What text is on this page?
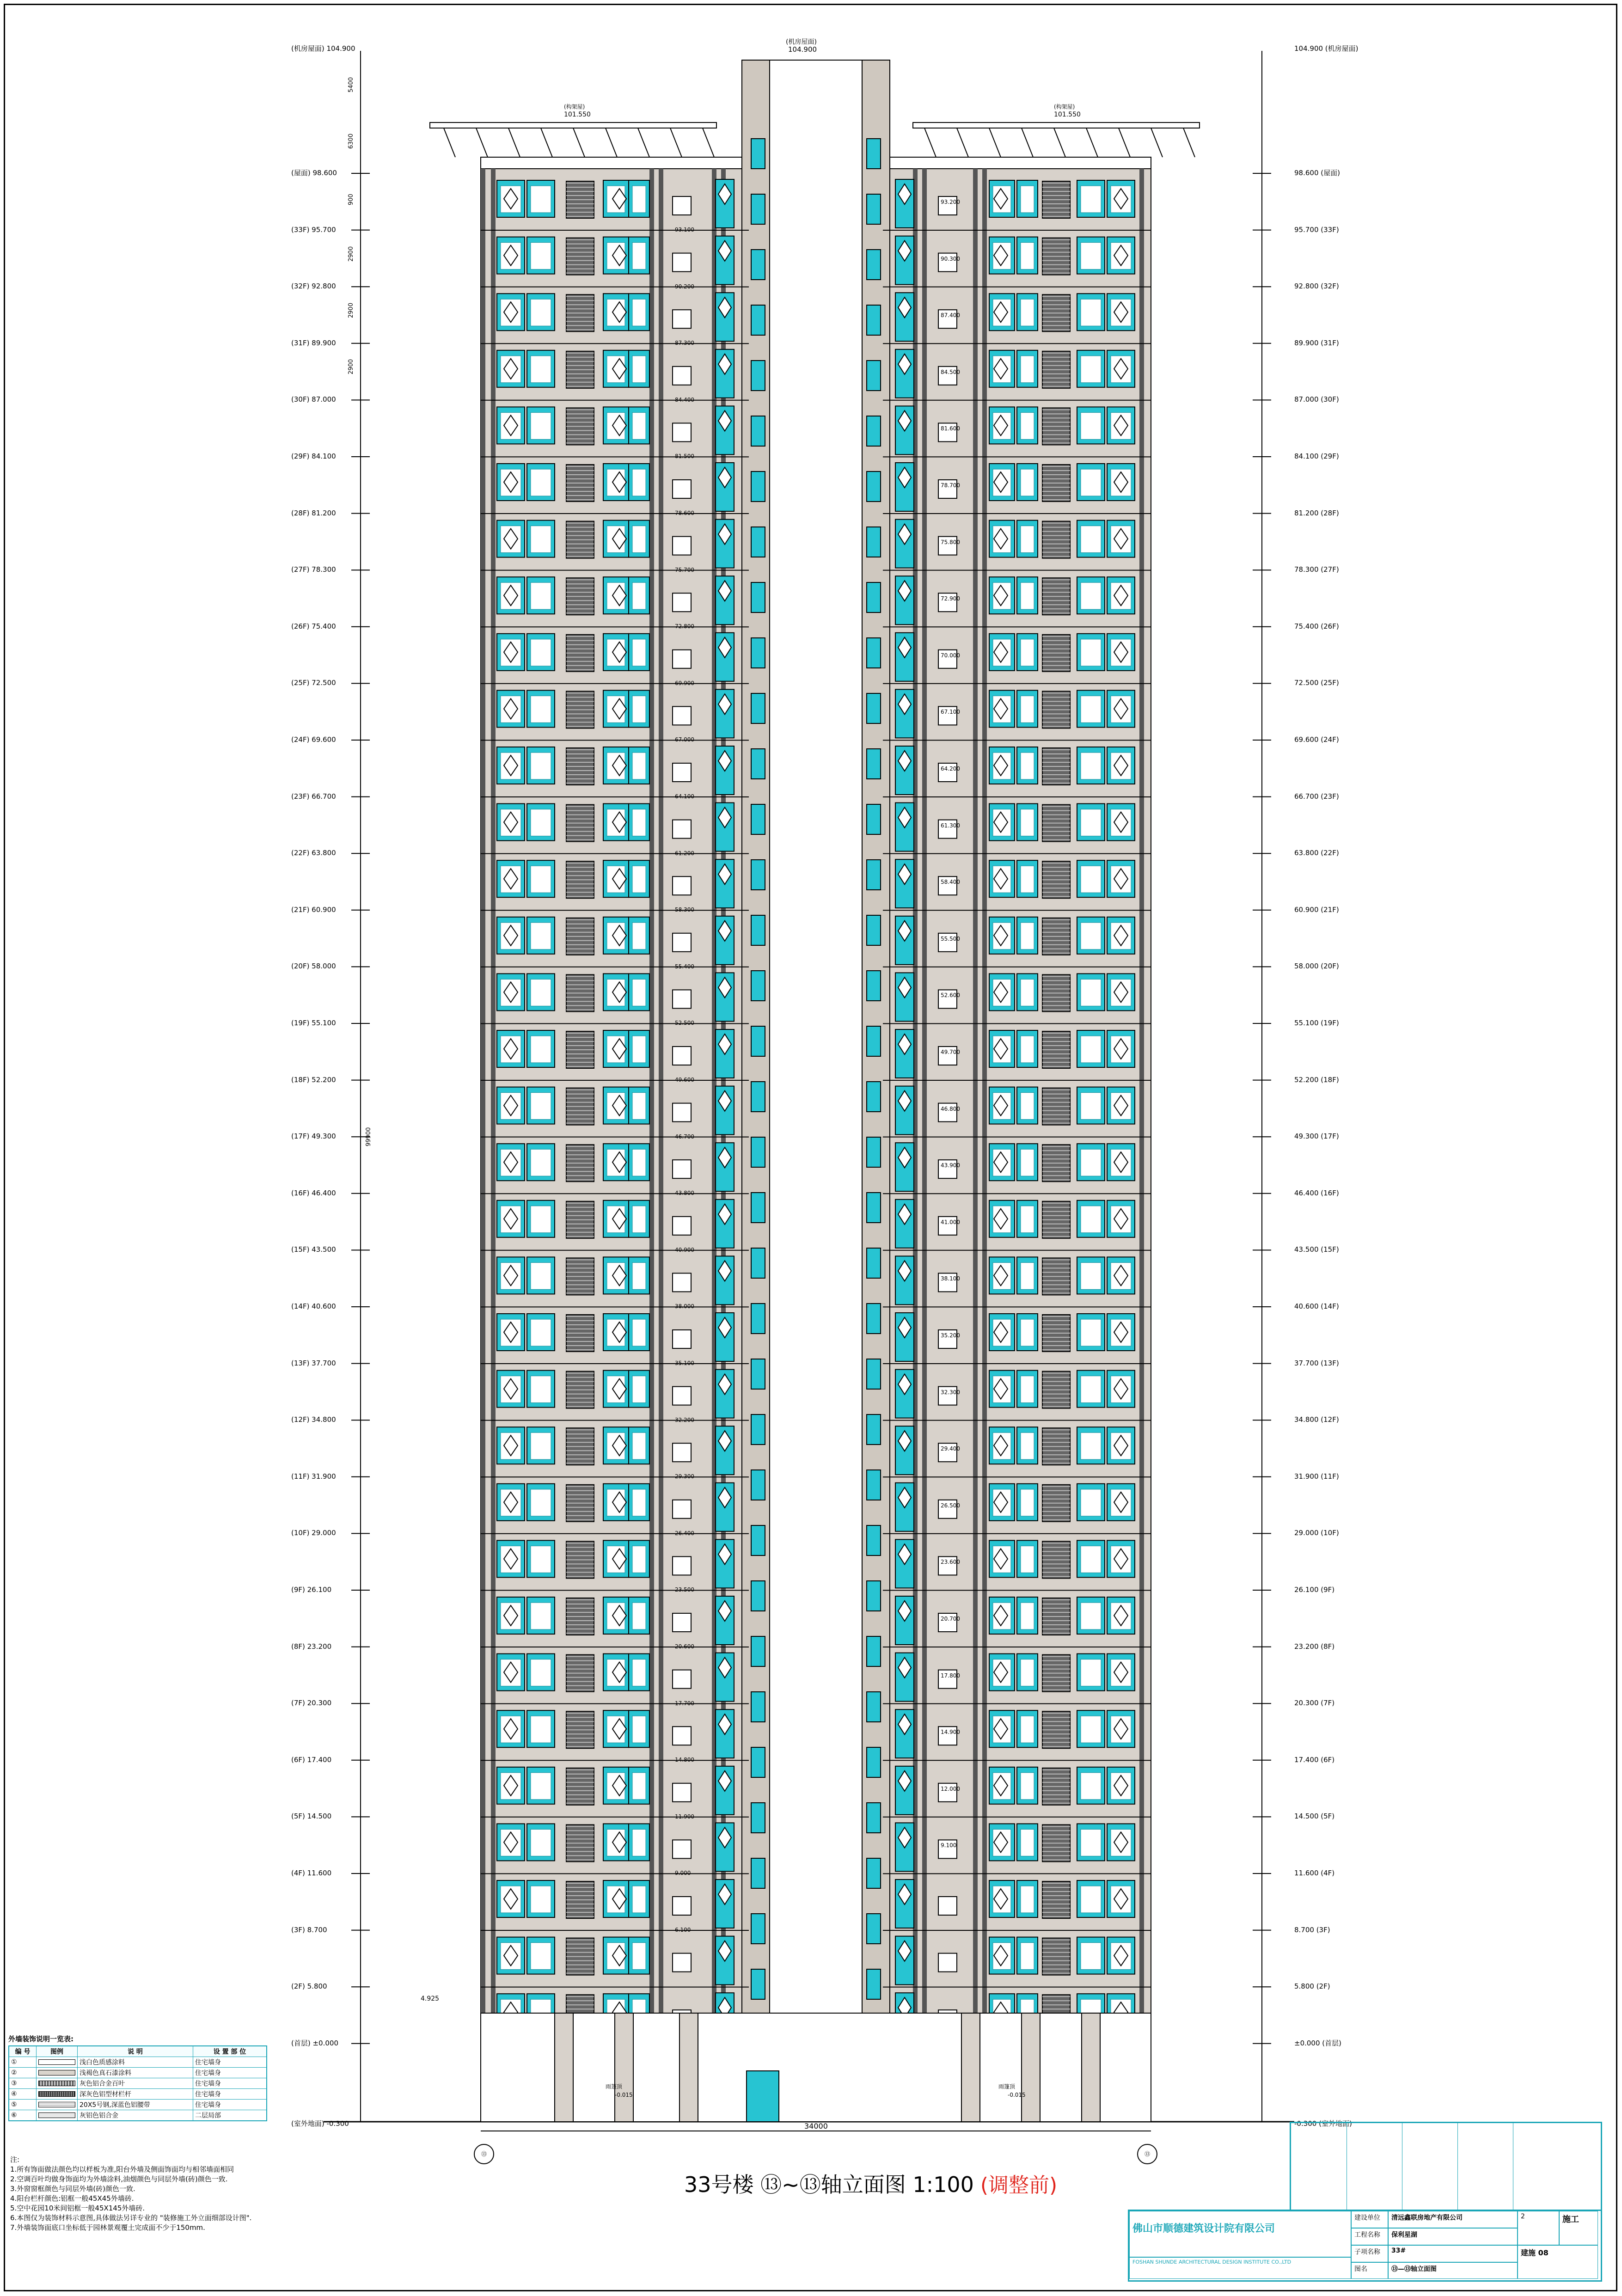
(屋面) 98.600
(33F) 95.700
(32F) 92.800
(31F) 89.900
(30F) 87.000
(29F) 84.100
(28F) 81.200
(27F) 78.300
(26F) 75.400
(25F) 72.500
(24F) 69.600
(23F) 66.700
(22F) 63.800
(21F) 60.900
(20F) 58.000
(19F) 55.100
(18F) 52.200
(17F) 49.300
(16F) 46.400
(15F) 43.500
(14F) 40.600
(13F) 37.700
(12F) 34.800
(11F) 31.900
(10F) 29.000
(9F) 26.100
(8F) 23.200
(7F) 20.300
(6F) 17.400
(5F) 14.500
(4F) 11.600
(3F) 8.700
(2F) 5.800
(首层) ±0.000
98.600 (屋面)
95.700 (33F)
92.800 (32F)
89.900 (31F)
87.000 (30F)
84.100 (29F)
81.200 (28F)
78.300 (27F)
75.400 (26F)
72.500 (25F)
69.600 (24F)
66.700 (23F)
63.800 (22F)
60.900 (21F)
58.000 (20F)
55.100 (19F)
52.200 (18F)
49.300 (17F)
46.400 (16F)
43.500 (15F)
40.600 (14F)
37.700 (13F)
34.800 (12F)
31.900 (11F)
29.000 (10F)
26.100 (9F)
23.200 (8F)
20.300 (7F)
17.400 (6F)
14.500 (5F)
11.600 (4F)
8.700 (3F)
5.800 (2F)
±0.000 (首层)
(机房屋面) 104.900	104.900 (机房屋面)
(机房屋面)
104.900
(构架屋)
101.550
(构架屋)
101.550
(室外地面) -0.300	-0.300 (室外地面)
4.925
雨篷顶
-0.015
雨篷顶
-0.015
34000
99900
⑬	⑬
33号楼 ⑬~⑬轴立面图 1:100 (调整前)
外墙装饰说明一览表:
编 号	图例	说 明	设 置 部 位
①		浅白色质感涂料	住宅墙身
②		浅褐色真石漆涂料	住宅墙身
③		灰色铝合金百叶	住宅墙身
④		深灰色铝型材栏杆	住宅墙身
⑤		20X5号钢,深蓝色铝腰带	住宅墙身
⑥		灰铝色铝合金	二层局部
注:
1.所有饰面做法颜色均以样板为准,阳台外墙及侧面饰面均与相邻墙面相同
2.空调百叶均做身饰面均为外墙涂料,油烟颜色与同层外墙(砖)颜色一致.
3.外窗窗框颜色与同层外墙(砖)颜色一致.
4.阳台栏杆颜色:铝框一般45X45外墙砖.
5.空中花园10米间铝框一般45X145外墙砖.
6.本图仅为装饰材料示意图,具体做法另详专业的 "装修施工外立面细部设计图".
7.外墙装饰面底口坐标低于园林景观覆土完成面不少于150mm.	佛山市顺德建筑设计院有限公司
FOSHAN SHUNDE ARCHITECTURAL DESIGN INSTITUTE CO.,LTD
建设单位	清远鑫联房地产有限公司
工程名称	保利星湖
子项名称	33#
图名	⑬—⑬轴立面图
2	施工
建施 08
93.100
90.200
87.300
84.400
81.500
78.600
75.700
72.800
69.900
67.000
64.100
61.200
58.300
55.400
52.500
49.600
46.700
43.800
40.900
38.000
35.100
32.200
29.300
26.400
23.500
20.600
17.700
14.800
11.900
9.000
6.100
93.200
90.300
87.400
84.500
81.600
78.700
75.800
72.900
70.000
67.100
64.200
61.300
58.400
55.500
52.600
49.700
46.800
43.900
41.000
38.100
35.200
32.300
29.400
26.500
23.600
20.700
17.800
14.900
12.000
9.100
5400
6300
900
2900
2900
2900
